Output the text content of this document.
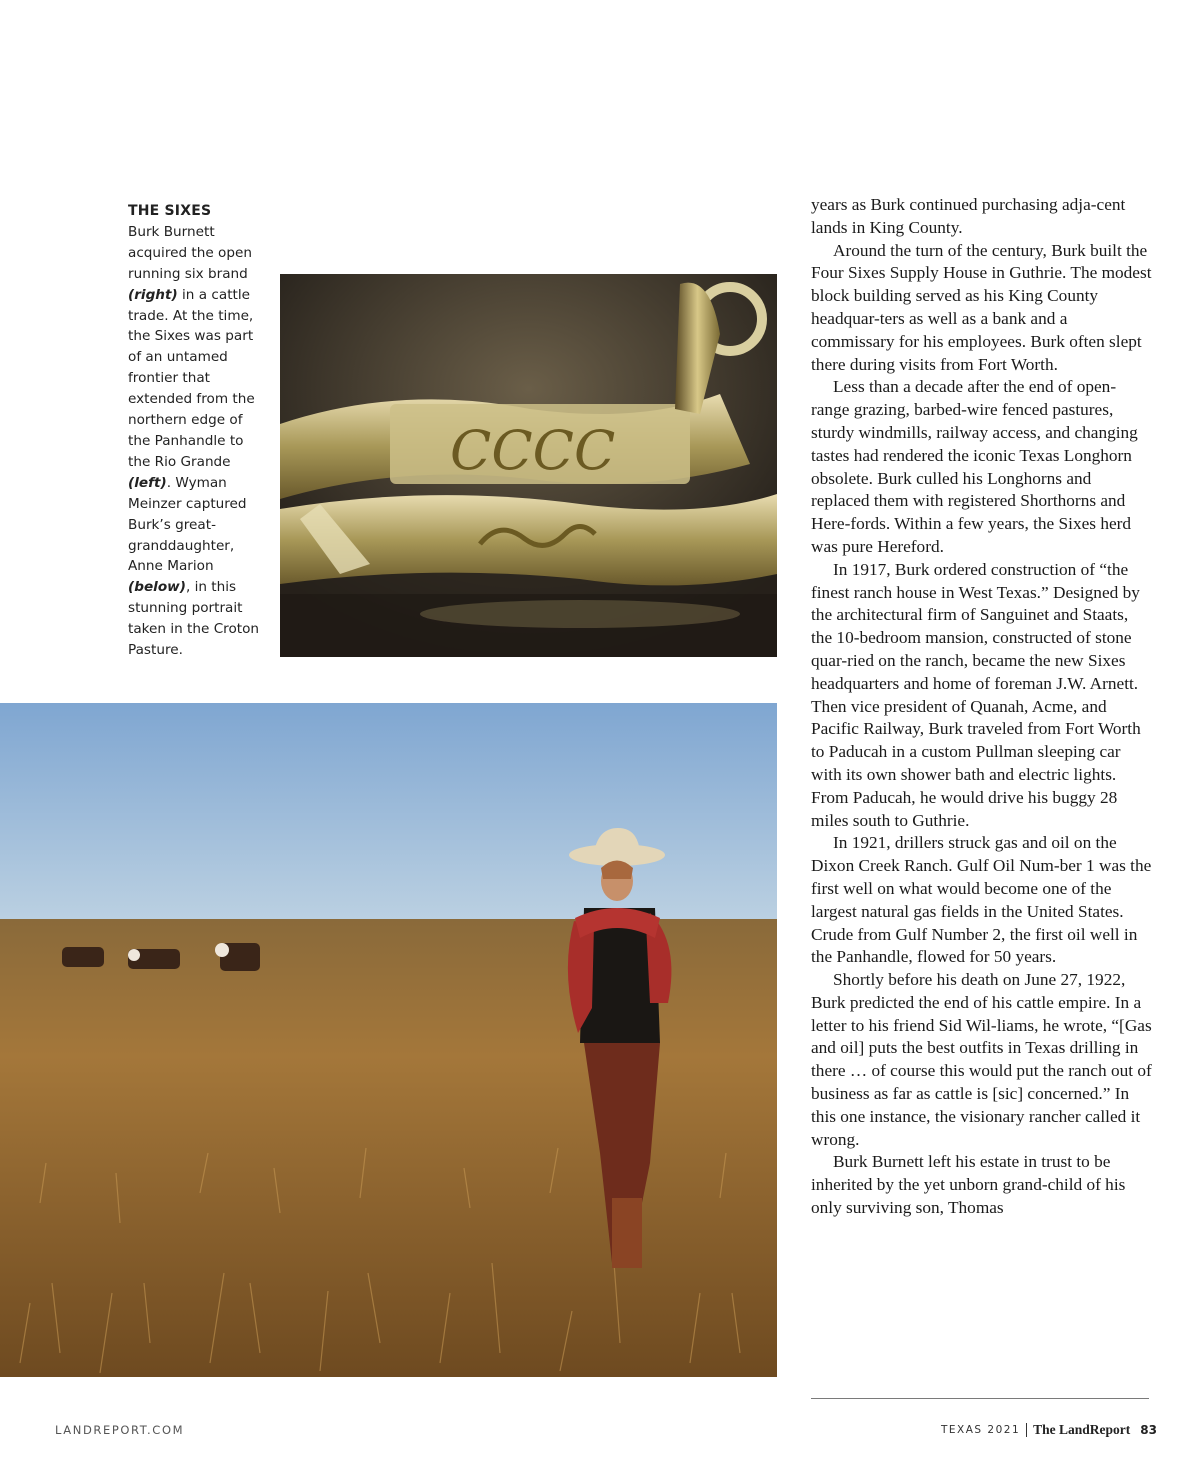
THE SIXES
Burk Burnett acquired the open running six brand (right) in a cattle trade. At the time, the Sixes was part of an untamed frontier that extended from the northern edge of the Panhandle to the Rio Grande (left). Wyman Meinzer captured Burk’s great-granddaughter, Anne Marion (below), in this stunning portrait taken in the Croton Pasture.
CCCC

years as Burk continued purchasing adja-cent lands in King County.

Around the turn of the century, Burk built the Four Sixes Supply House in Guthrie. The modest block building served as his King County headquar-ters as well as a bank and a commissary for his employees. Burk often slept there during visits from Fort Worth.

Less than a decade after the end of open-range grazing, barbed-wire fenced pastures, sturdy windmills, railway access, and changing tastes had rendered the iconic Texas Longhorn obsolete. Burk culled his Longhorns and replaced them with registered Shorthorns and Here-fords. Within a few years, the Sixes herd was pure Hereford.

In 1917, Burk ordered construction of “the finest ranch house in West Texas.” Designed by the architectural firm of Sanguinet and Staats, the 10-bedroom mansion, constructed of stone quar-ried on the ranch, became the new Sixes headquarters and home of foreman J.W. Arnett. Then vice president of Quanah, Acme, and Pacific Railway, Burk traveled from Fort Worth to Paducah in a custom Pullman sleeping car with its own shower bath and electric lights. From Paducah, he would drive his buggy 28 miles south to Guthrie.

In 1921, drillers struck gas and oil on the Dixon Creek Ranch. Gulf Oil Num-ber 1 was the first well on what would become one of the largest natural gas fields in the United States. Crude from Gulf Number 2, the first oil well in the Panhandle, flowed for 50 years.

Shortly before his death on June 27, 1922, Burk predicted the end of his cattle empire. In a letter to his friend Sid Wil-liams, he wrote, “[Gas and oil] puts the best outfits in Texas drilling in there … of course this would put the ranch out of business as far as cattle is [sic] concerned.” In this one instance, the visionary rancher called it wrong.

Burk Burnett left his estate in trust to be inherited by the yet unborn grand-child of his only surviving son, Thomas

LANDREPORT.COM	TEXAS 2021 The LandReport 83
